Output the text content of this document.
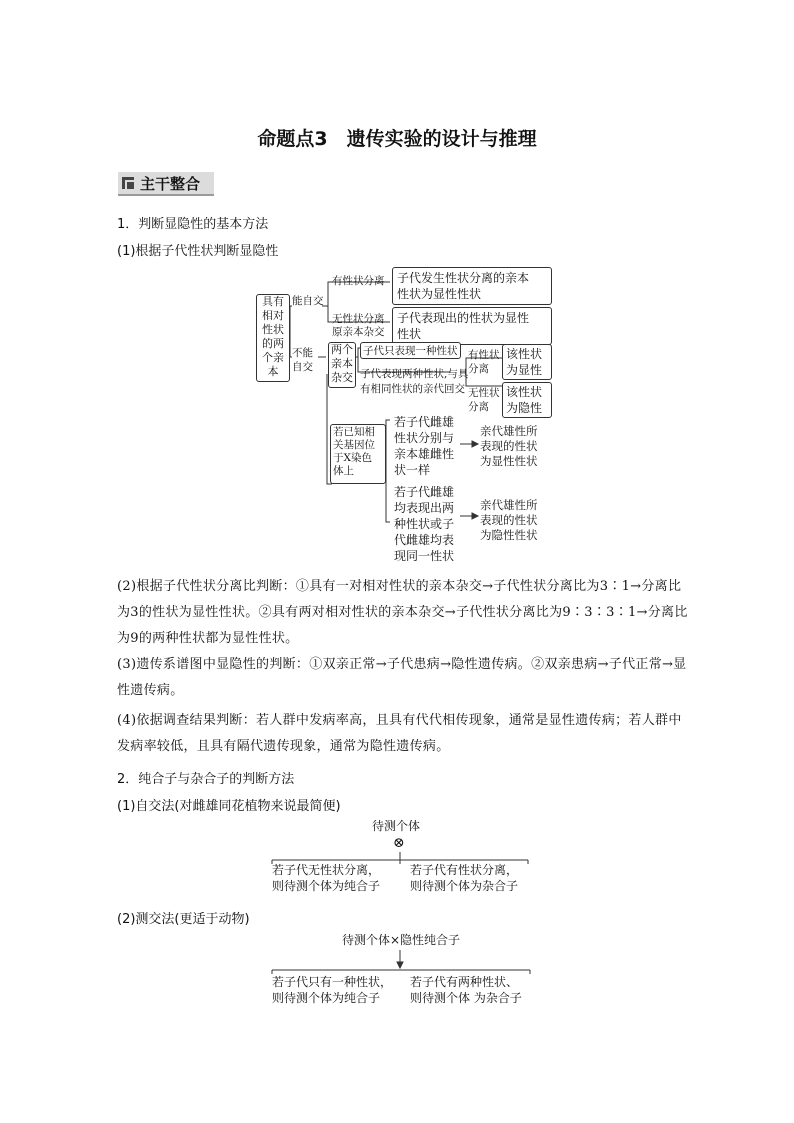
命题点3　遗传实验的设计与推理
主干整合
1．判断显隐性的基本方法
(1)根据子代性状判断显隐性
具有
相对
性状
的两
个亲
本
能自交
不能
自交
有性状分离 子代发生性状分离的亲本
性状为显性性状
无性状分离
原亲本杂交
子代表现出的性状为显性
性状
两个
亲本
杂交
子代只表现一种性状
子代表现两种性状,与具
有相同性状的亲代回交
有性状
分离
该性状
为显性
无性状
分离
该性状
为隐性
若已知相
关基因位
于X染色
体上
若子代雌雄
性状分别与
亲本雄雌性
状一样
亲代雄性所
表现的性状
为显性性状
若子代雌雄
均表现出两
种性状或子
代雌雄均表
现同一性状
亲代雄性所
表现的性状
为隐性性状
(2)根据子代性状分离比判断：①具有一对相对性状的亲本杂交→子代性状分离比为3∶1→分离比为3的性状为显性性状。②具有两对相对性状的亲本杂交→子代性状分离比为9∶3∶3∶1→分离比为9的两种性状都为显性性状。
(3)遗传系谱图中显隐性的判断：①双亲正常→子代患病→隐性遗传病。②双亲患病→子代正常→显性遗传病。
(4)依据调查结果判断：若人群中发病率高，且具有代代相传现象，通常是显性遗传病；若人群中发病率较低，且具有隔代遗传现象，通常为隐性遗传病。
2．纯合子与杂合子的判断方法
(1)自交法(对雌雄同花植物来说最简便)
待测个体
⊗
若子代无性状分离，
则待测个体为纯合子
若子代有性状分离，
则待测个体为杂合子
(2)测交法(更适于动物)
待测个体×隐性纯合子
若子代只有一种性状，
则待测个体为纯合子
若子代有两种性状、
则待测个体 为杂合子
